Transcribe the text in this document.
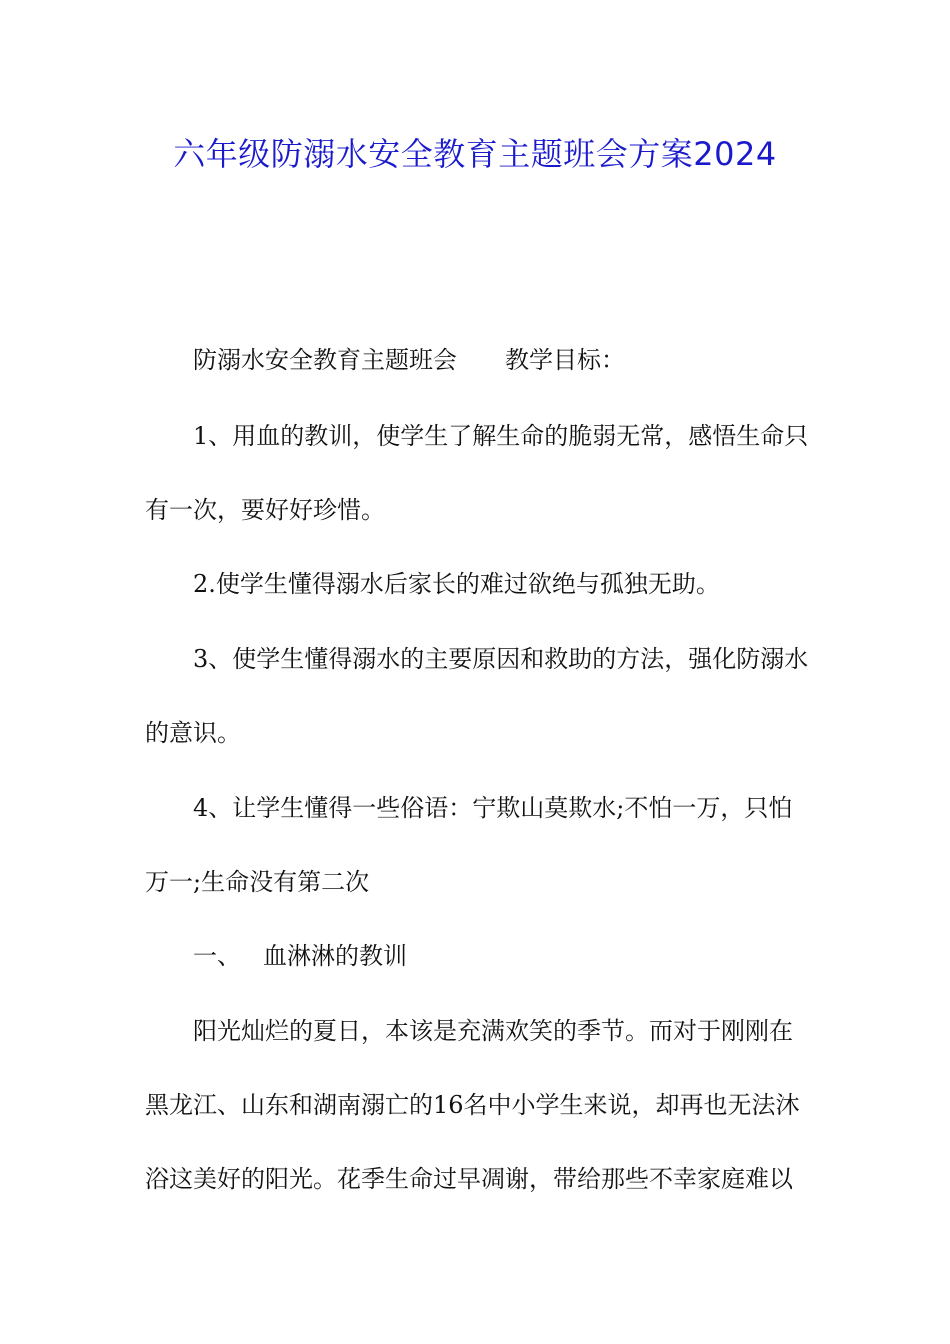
六年级防溺水安全教育主题班会方案2024
防溺水安全教育主题班会 教学目标：
1、用血的教训，使学生了解生命的脆弱无常，感悟生命只
有一次，要好好珍惜。
2.使学生懂得溺水后家长的难过欲绝与孤独无助。
3、使学生懂得溺水的主要原因和救助的方法，强化防溺水
的意识。
4、让学生懂得一些俗语：宁欺山莫欺水;不怕一万，只怕
万一;生命没有第二次
一、 血淋淋的教训
阳光灿烂的夏日，本该是充满欢笑的季节。而对于刚刚在
黑龙江、山东和湖南溺亡的16名中小学生来说，却再也无法沐
浴这美好的阳光。花季生命过早凋谢，带给那些不幸家庭难以
